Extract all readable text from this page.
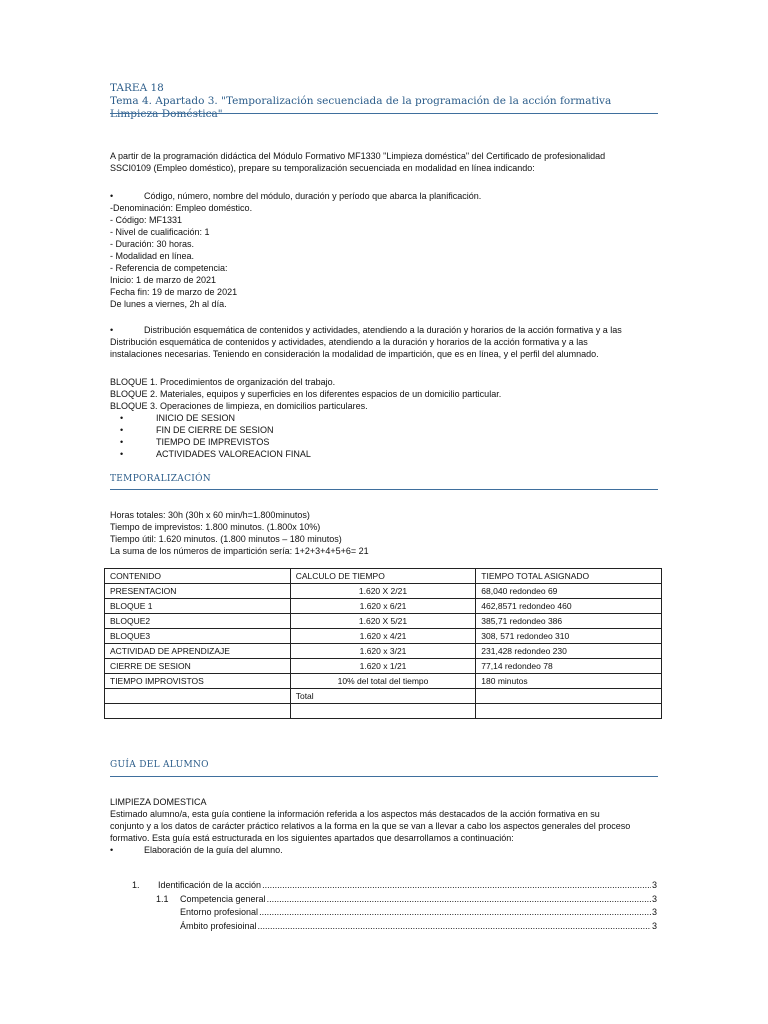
TAREA 18
Tema 4. Apartado 3. "Temporalización secuenciada de la programación de la acción formativa Limpieza Doméstica"

A partir de la programación didáctica del Módulo Formativo MF1330 "Limpieza doméstica" del Certificado de profesionalidad

SSCI0109 (Empleo doméstico), prepare su temporalización secuenciada en modalidad en línea indicando:

•	Código, número, nombre del módulo, duración y período que abarca la planificación.

-Denominación: Empleo doméstico.

- Código: MF1331

- Nivel de cualificación: 1

- Duración: 30 horas.

- Modalidad en línea.

- Referencia de competencia:

Inicio: 1 de marzo de 2021

Fecha fin: 19 de marzo de 2021

De lunes a viernes, 2h al día.

•	Distribución esquemática de contenidos y actividades, atendiendo a la duración y horarios de la acción formativa y a las

Distribución esquemática de contenidos y actividades, atendiendo a la duración y horarios de la acción formativa y a las

instalaciones necesarias. Teniendo en consideración la modalidad de impartición, que es en línea, y el perfil del alumnado.

BLOQUE 1. Procedimientos de organización del trabajo.

BLOQUE 2. Materiales, equipos y superficies en los diferentes espacios de un domicilio particular.

BLOQUE 3. Operaciones de limpieza, en domicilios particulares.

•	INICIO DE SESION
•	FIN DE CIERRE DE SESION
•	TIEMPO DE IMPREVISTOS
•	ACTIVIDADES VALOREACION FINAL
TEMPORALIZACIÓN

Horas totales: 30h (30h x 60 min/h=1.800minutos)

Tiempo de imprevistos: 1.800 minutos. (1.800x 10%)

Tiempo útil: 1.620 minutos. (1.800 minutos – 180 minutos)

La suma de los números de impartición sería: 1+2+3+4+5+6= 21

CONTENIDO	CALCULO DE TIEMPO	TIEMPO TOTAL ASIGNADO
PRESENTACION	1.620 X 2/21	68,040 redondeo 69
BLOQUE 1	1.620 x 6/21	462,8571 redondeo 460
BLOQUE2	1.620 X 5/21	385,71 redondeo 386
BLOQUE3	1.620 x 4/21	308, 571 redondeo 310
ACTIVIDAD DE APRENDIZAJE	1.620 x 3/21	231,428 redondeo 230
CIERRE DE SESION	1.620 x 1/21	77,14 redondeo 78
TIEMPO IMPROVISTOS	10% del total del tiempo	180 minutos
	Total	

GUÍA DEL ALUMNO

LIMPIEZA DOMESTICA

Estimado alumno/a, esta guía contiene la información referida a los aspectos más destacados de la acción formativa en su

conjunto y a los datos de carácter práctico relativos a la forma en la que se van a llevar a cabo los aspectos generales del proceso

formativo. Esta guía está estructurada en los siguientes apartados que desarrollamos a continuación:

•	Elaboración de la guía del alumno.
1.	Identificación de la acción .....	3
1.1	Competencia general .....	3
Entorno profesional .....	3
Ámbito profesioinal .....	3
